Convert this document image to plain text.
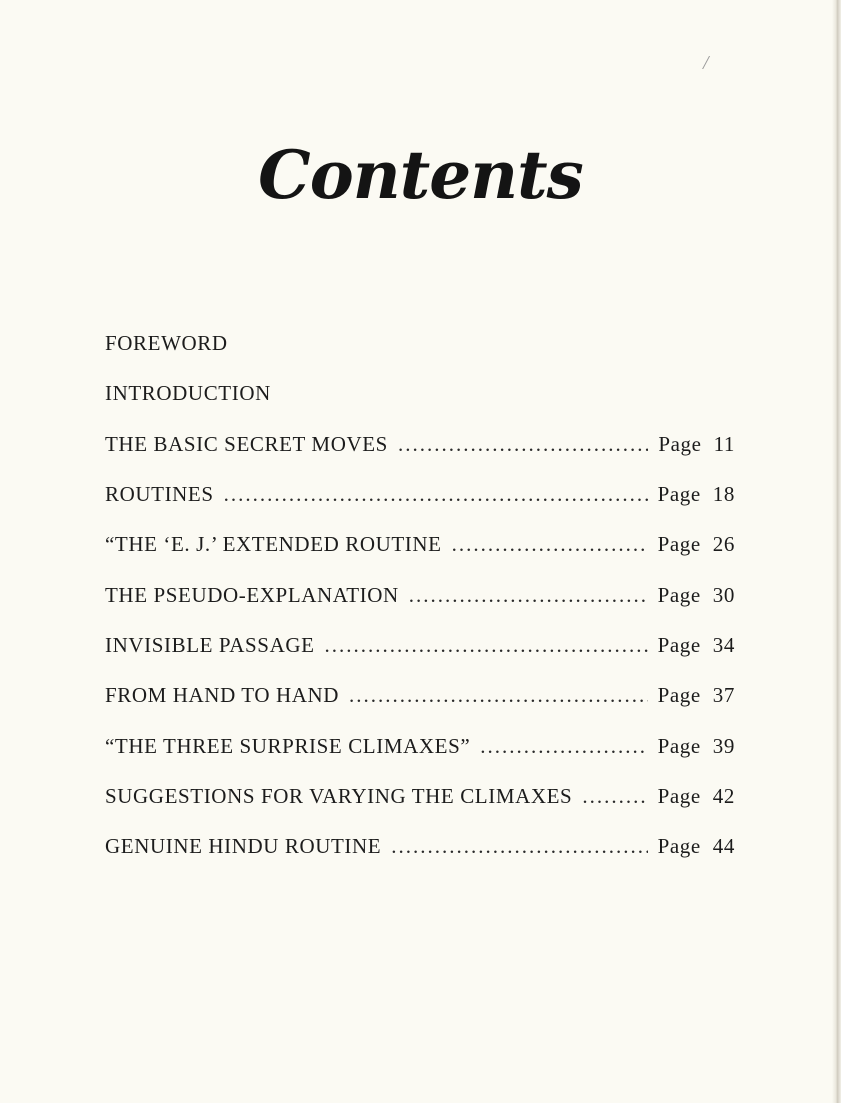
/
Contents
FOREWORD
INTRODUCTION
THE BASIC SECRET MOVES .....	Page 11
ROUTINES .....	Page 18
“THE ‘E. J.’ EXTENDED ROUTINE .....	Page 26
THE PSEUDO-EXPLANATION .....	Page 30
INVISIBLE PASSAGE .....	Page 34
FROM HAND TO HAND .....	Page 37
“THE THREE SURPRISE CLIMAXES” .....	Page 39
SUGGESTIONS FOR VARYING THE CLIMAXES .....	Page 42
GENUINE HINDU ROUTINE .....	Page 44
